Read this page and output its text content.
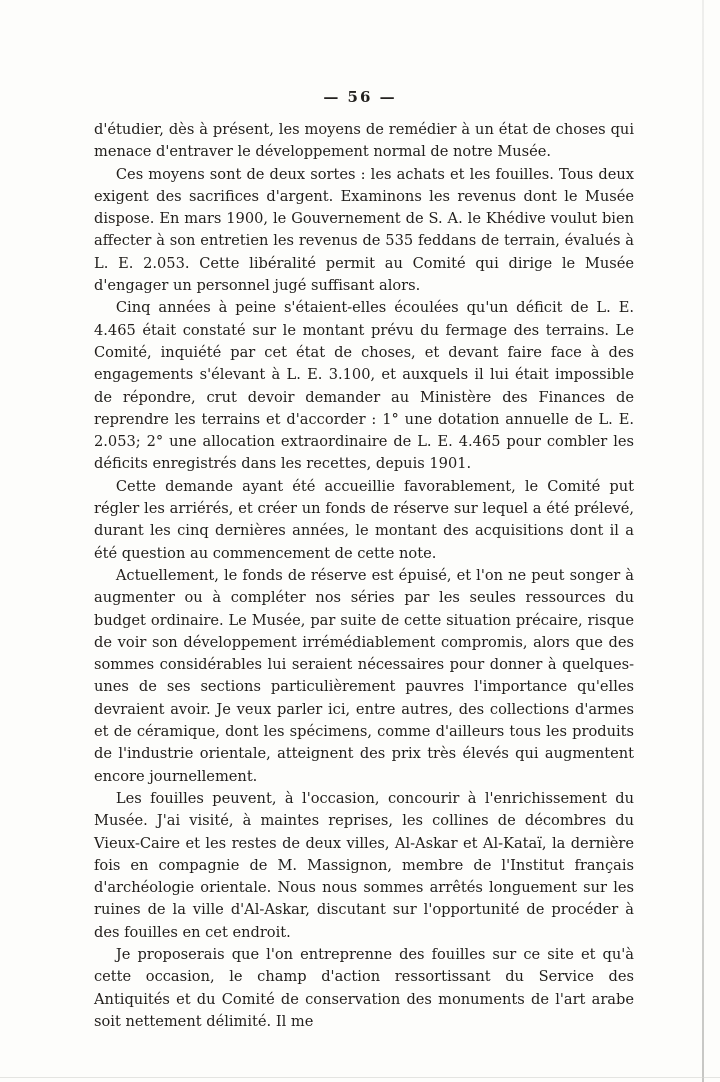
— 56 —

d'étudier, dès à présent, les moyens de remédier à un état de choses qui menace d'entraver le développement normal de notre Musée.

Ces moyens sont de deux sortes : les achats et les fouilles. Tous deux exigent des sacrifices d'argent. Examinons les revenus dont le Musée dispose. En mars 1900, le Gouvernement de S. A. le Khédive voulut bien affecter à son entretien les revenus de 535 feddans de terrain, évalués à L. E. 2.053. Cette libéralité permit au Comité qui dirige le Musée d'engager un personnel jugé suffisant alors.

Cinq années à peine s'étaient-elles écoulées qu'un déficit de L. E. 4.465 était constaté sur le montant prévu du fermage des terrains. Le Comité, inquiété par cet état de choses, et devant faire face à des engagements s'élevant à L. E. 3.100, et auxquels il lui était impossible de répondre, crut devoir demander au Ministère des Finances de reprendre les terrains et d'accorder : 1° une dotation annuelle de L. E. 2.053; 2° une allocation extraordinaire de L. E. 4.465 pour combler les déficits enregistrés dans les recettes, depuis 1901.

Cette demande ayant été accueillie favorablement, le Comité put régler les arriérés, et créer un fonds de réserve sur lequel a été prélevé, durant les cinq dernières années, le montant des acquisitions dont il a été question au commencement de cette note.

Actuellement, le fonds de réserve est épuisé, et l'on ne peut songer à augmenter ou à compléter nos séries par les seules ressources du budget ordinaire. Le Musée, par suite de cette situation précaire, risque de voir son développement irrémédiablement compromis, alors que des sommes considérables lui seraient nécessaires pour donner à quelques-unes de ses sections particulièrement pauvres l'importance qu'elles devraient avoir. Je veux parler ici, entre autres, des collections d'armes et de céramique, dont les spécimens, comme d'ailleurs tous les produits de l'industrie orientale, atteignent des prix très élevés qui augmentent encore journellement.

Les fouilles peuvent, à l'occasion, concourir à l'enrichissement du Musée. J'ai visité, à maintes reprises, les collines de décombres du Vieux-Caire et les restes de deux villes, Al-Askar et Al-Kataï, la dernière fois en compagnie de M. Massignon, membre de l'Institut français d'archéologie orientale. Nous nous sommes arrêtés longuement sur les ruines de la ville d'Al-Askar, discutant sur l'opportunité de procéder à des fouilles en cet endroit.

Je proposerais que l'on entreprenne des fouilles sur ce site et qu'à cette occasion, le champ d'action ressortissant du Service des Antiquités et du Comité de conservation des monuments de l'art arabe soit nettement délimité. Il me
